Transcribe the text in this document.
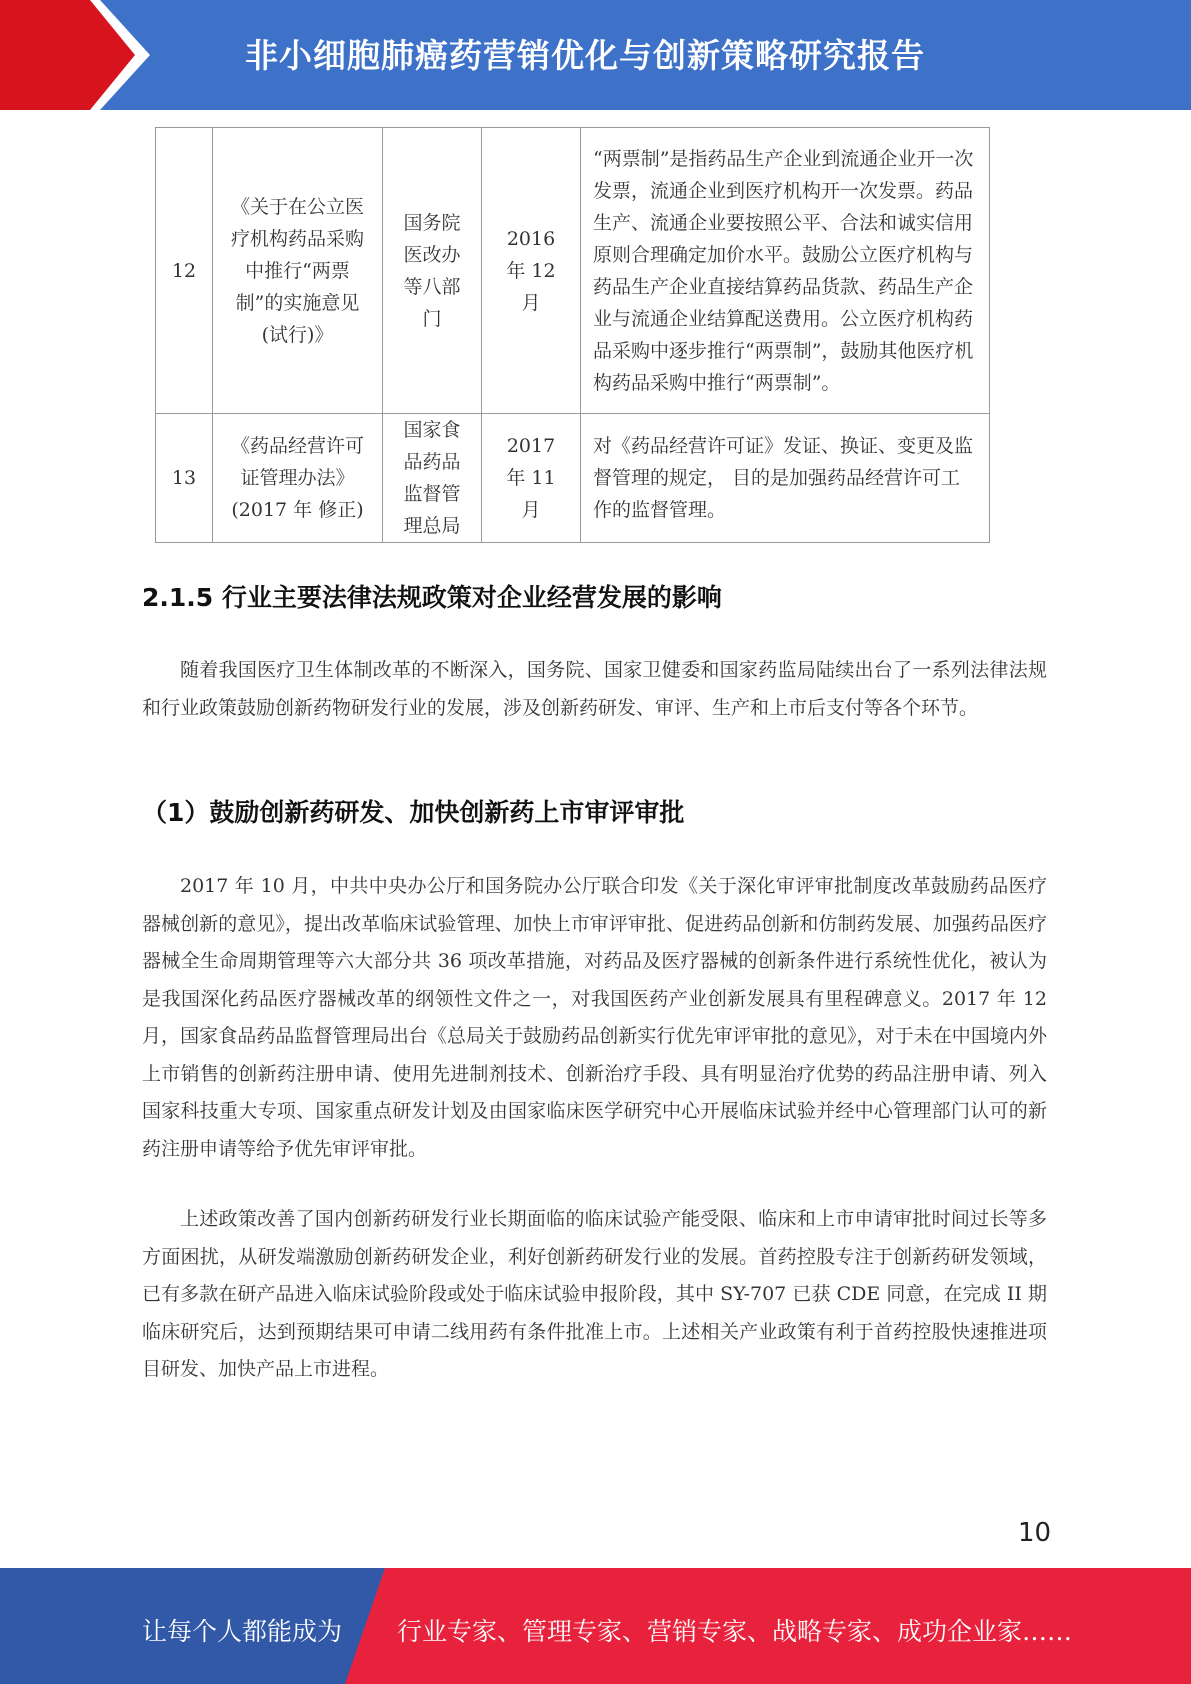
非小细胞肺癌药营销优化与创新策略研究报告
12	《关于在公立医疗机构药品采购中推行“两票制”的实施意见(试行)》	国务院医改办等八部门	2016 年 12 月	“两票制”是指药品生产企业到流通企业开一次发票，流通企业到医疗机构开一次发票。药品生产、流通企业要按照公平、合法和诚实信用原则合理确定加价水平。鼓励公立医疗机构与药品生产企业直接结算药品货款、药品生产企业与流通企业结算配送费用。公立医疗机构药品采购中逐步推行“两票制”，鼓励其他医疗机构药品采购中推行“两票制”。
13	《药品经营许可证管理办法》(2017 年 修正)	国家食品药品监督管理总局	2017 年 11 月	对《药品经营许可证》发证、换证、变更及监督管理的规定， 目的是加强药品经营许可工作的监督管理。
2.1.5 行业主要法律法规政策对企业经营发展的影响

随着我国医疗卫生体制改革的不断深入，国务院、国家卫健委和国家药监局陆续出台了一系列法律法规和行业政策鼓励创新药物研发行业的发展，涉及创新药研发、审评、生产和上市后支付等各个环节。

（1）鼓励创新药研发、加快创新药上市审评审批

2017 年 10 月，中共中央办公厅和国务院办公厅联合印发《关于深化审评审批制度改革鼓励药品医疗器械创新的意见》，提出改革临床试验管理、加快上市审评审批、促进药品创新和仿制药发展、加强药品医疗器械全生命周期管理等六大部分共 36 项改革措施，对药品及医疗器械的创新条件进行系统性优化，被认为是我国深化药品医疗器械改革的纲领性文件之一，对我国医药产业创新发展具有里程碑意义。2017 年 12 月，国家食品药品监督管理局出台《总局关于鼓励药品创新实行优先审评审批的意见》，对于未在中国境内外上市销售的创新药注册申请、使用先进制剂技术、创新治疗手段、具有明显治疗优势的药品注册申请、列入国家科技重大专项、国家重点研发计划及由国家临床医学研究中心开展临床试验并经中心管理部门认可的新药注册申请等给予优先审评审批。

上述政策改善了国内创新药研发行业长期面临的临床试验产能受限、临床和上市申请审批时间过长等多方面困扰，从研发端激励创新药研发企业，利好创新药研发行业的发展。首药控股专注于创新药研发领域，已有多款在研产品进入临床试验阶段或处于临床试验申报阶段，其中 SY-707 已获 CDE 同意，在完成 II 期临床研究后，达到预期结果可申请二线用药有条件批准上市。上述相关产业政策有利于首药控股快速推进项目研发、加快产品上市进程。

10
让每个人都能成为 行业专家、管理专家、营销专家、战略专家、成功企业家……
